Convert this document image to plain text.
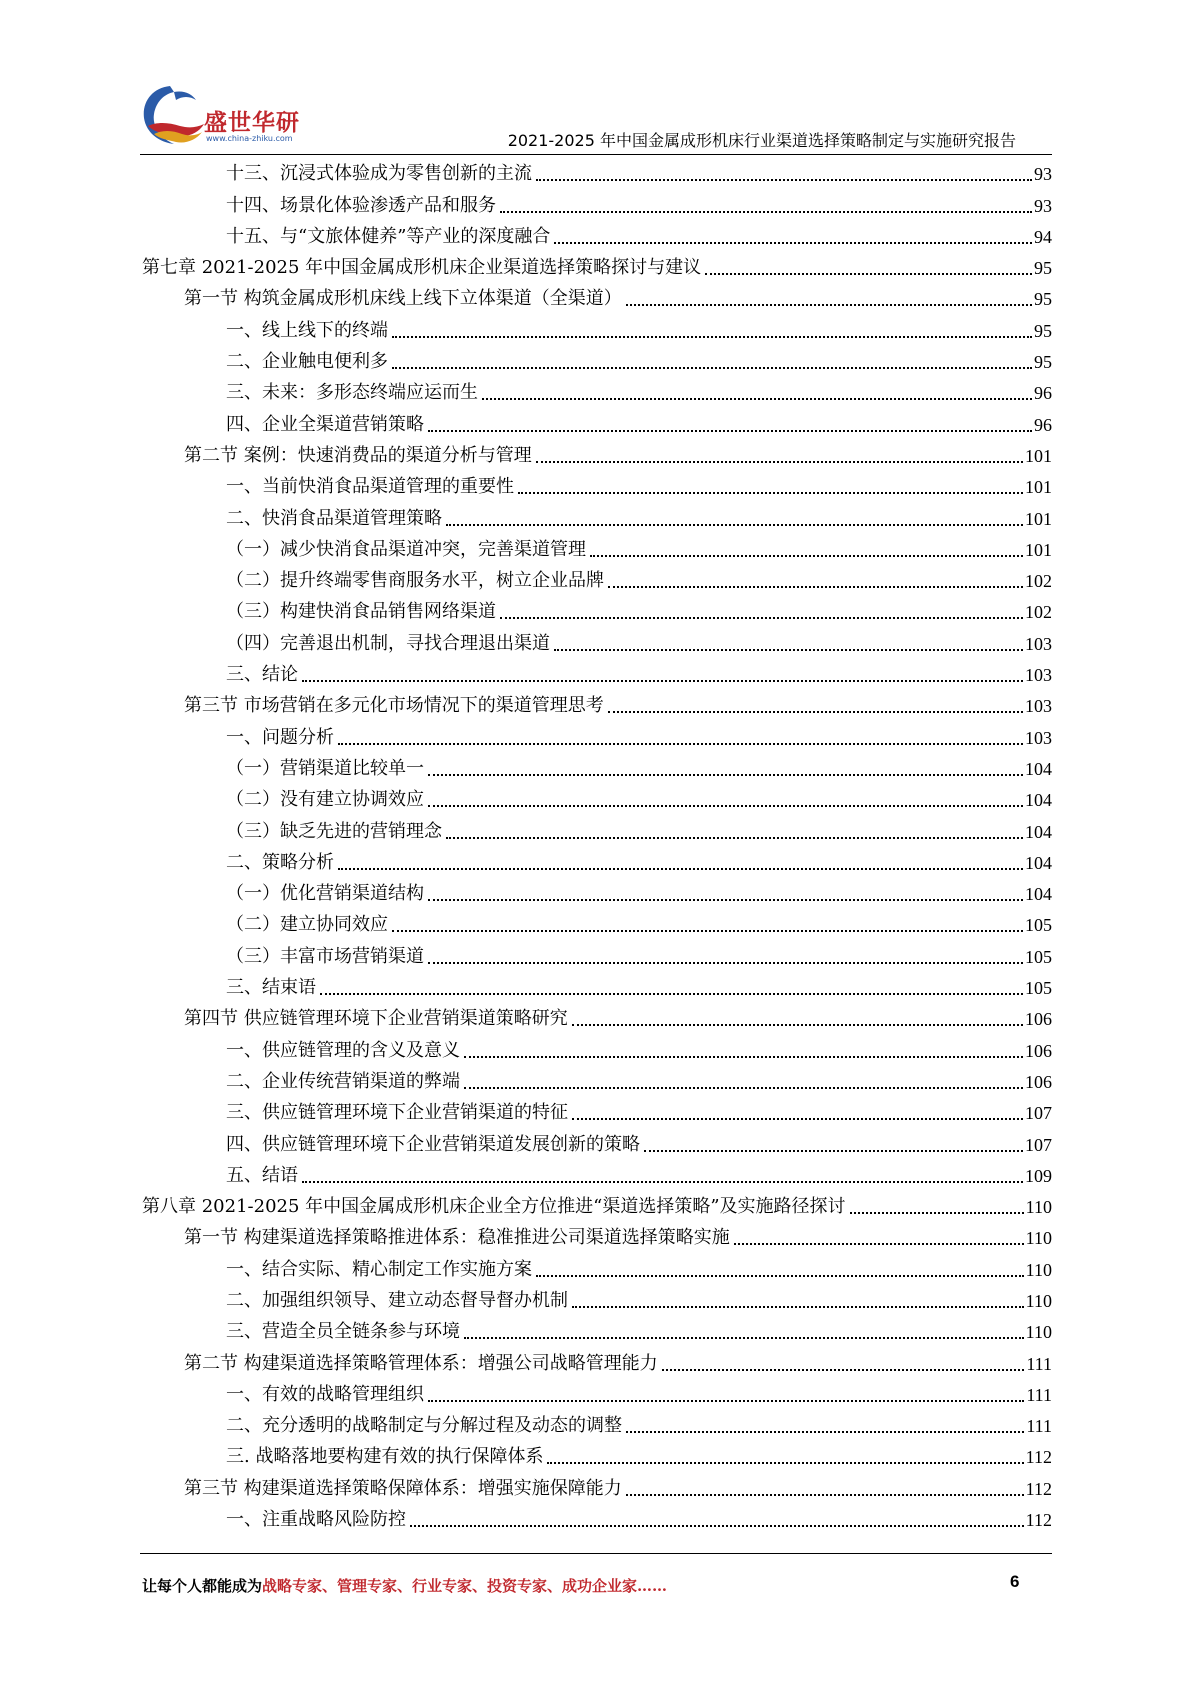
盛世华研
www.china-zhiku.com	2021-2025 年中国金属成形机床行业渠道选择策略制定与实施研究报告
十三、沉浸式体验成为零售创新的主流	93
十四、场景化体验渗透产品和服务	93
十五、与“文旅体健养”等产业的深度融合	94
第七章 2021-2025 年中国金属成形机床企业渠道选择策略探讨与建议	95
第一节 构筑金属成形机床线上线下立体渠道（全渠道）	95
一、线上线下的终端	95
二、企业触电便利多	95
三、未来：多形态终端应运而生	96
四、企业全渠道营销策略	96
第二节 案例：快速消费品的渠道分析与管理	101
一、当前快消食品渠道管理的重要性	101
二、快消食品渠道管理策略	101
（一）减少快消食品渠道冲突，完善渠道管理	101
（二）提升终端零售商服务水平，树立企业品牌	102
（三）构建快消食品销售网络渠道	102
（四）完善退出机制，寻找合理退出渠道	103
三、结论	103
第三节 市场营销在多元化市场情况下的渠道管理思考	103
一、问题分析	103
（一）营销渠道比较单一	104
（二）没有建立协调效应	104
（三）缺乏先进的营销理念	104
二、策略分析	104
（一）优化营销渠道结构	104
（二）建立协同效应	105
（三）丰富市场营销渠道	105
三、结束语	105
第四节 供应链管理环境下企业营销渠道策略研究	106
一、供应链管理的含义及意义	106
二、企业传统营销渠道的弊端	106
三、供应链管理环境下企业营销渠道的特征	107
四、供应链管理环境下企业营销渠道发展创新的策略	107
五、结语	109
第八章 2021-2025 年中国金属成形机床企业全方位推进“渠道选择策略”及实施路径探讨	110
第一节 构建渠道选择策略推进体系：稳准推进公司渠道选择策略实施	110
一、结合实际、精心制定工作实施方案	110
二、加强组织领导、建立动态督导督办机制	110
三、营造全员全链条参与环境	110
第二节 构建渠道选择策略管理体系：增强公司战略管理能力	111
一、有效的战略管理组织	111
二、充分透明的战略制定与分解过程及动态的调整	111
三. 战略落地要构建有效的执行保障体系	112
第三节 构建渠道选择策略保障体系：增强实施保障能力	112
一、注重战略风险防控	112
让每个人都能成为战略专家、管理专家、行业专家、投资专家、成功企业家……	6
